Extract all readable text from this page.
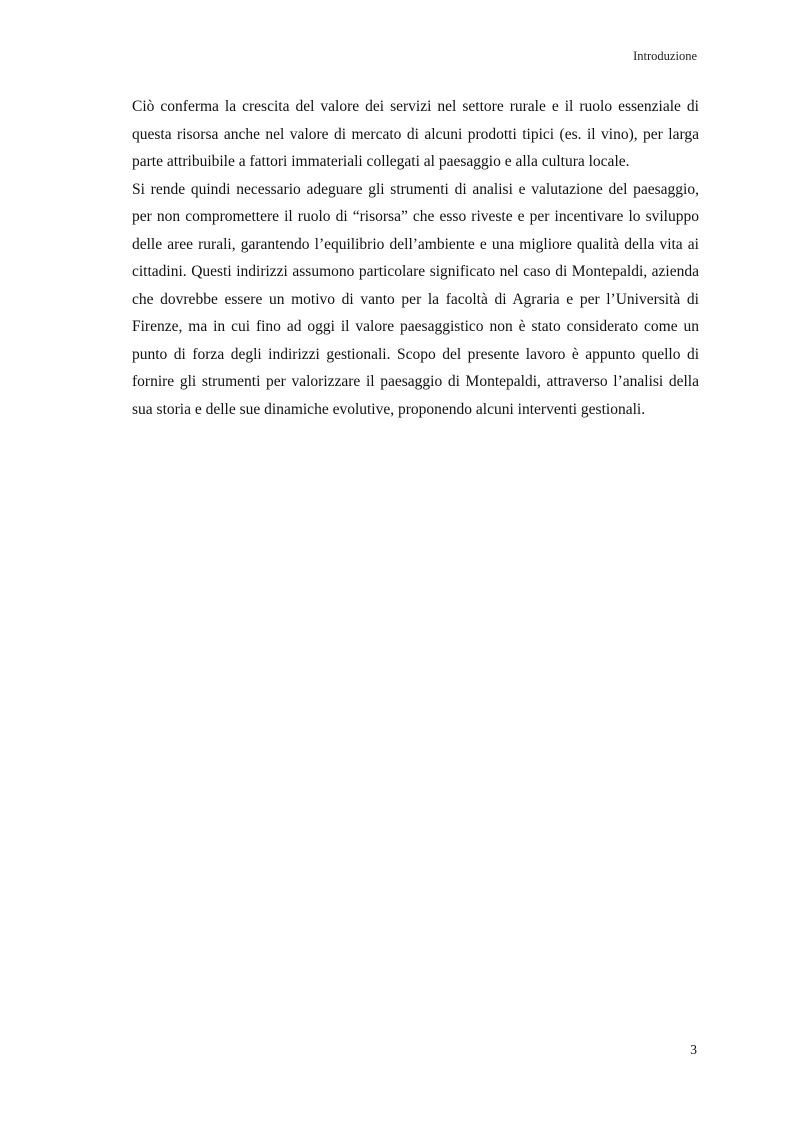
Introduzione

Ciò conferma la crescita del valore dei servizi nel settore rurale e il ruolo essenziale di questa risorsa anche nel valore di mercato di alcuni prodotti tipici (es. il vino), per larga parte attribuibile a fattori immateriali collegati al paesaggio e alla cultura locale.

Si rende quindi necessario adeguare gli strumenti di analisi e valutazione del paesaggio, per non compromettere il ruolo di “risorsa” che esso riveste e per incentivare lo sviluppo delle aree rurali, garantendo l’equilibrio dell’ambiente e una migliore qualità della vita ai cittadini. Questi indirizzi assumono particolare significato nel caso di Montepaldi, azienda che dovrebbe essere un motivo di vanto per la facoltà di Agraria e per l’Università di Firenze, ma in cui fino ad oggi il valore paesaggistico non è stato considerato come un punto di forza degli indirizzi gestionali. Scopo del presente lavoro è appunto quello di fornire gli strumenti per valorizzare il paesaggio di Montepaldi, attraverso l’analisi della sua storia e delle sue dinamiche evolutive, proponendo alcuni interventi gestionali.

3
